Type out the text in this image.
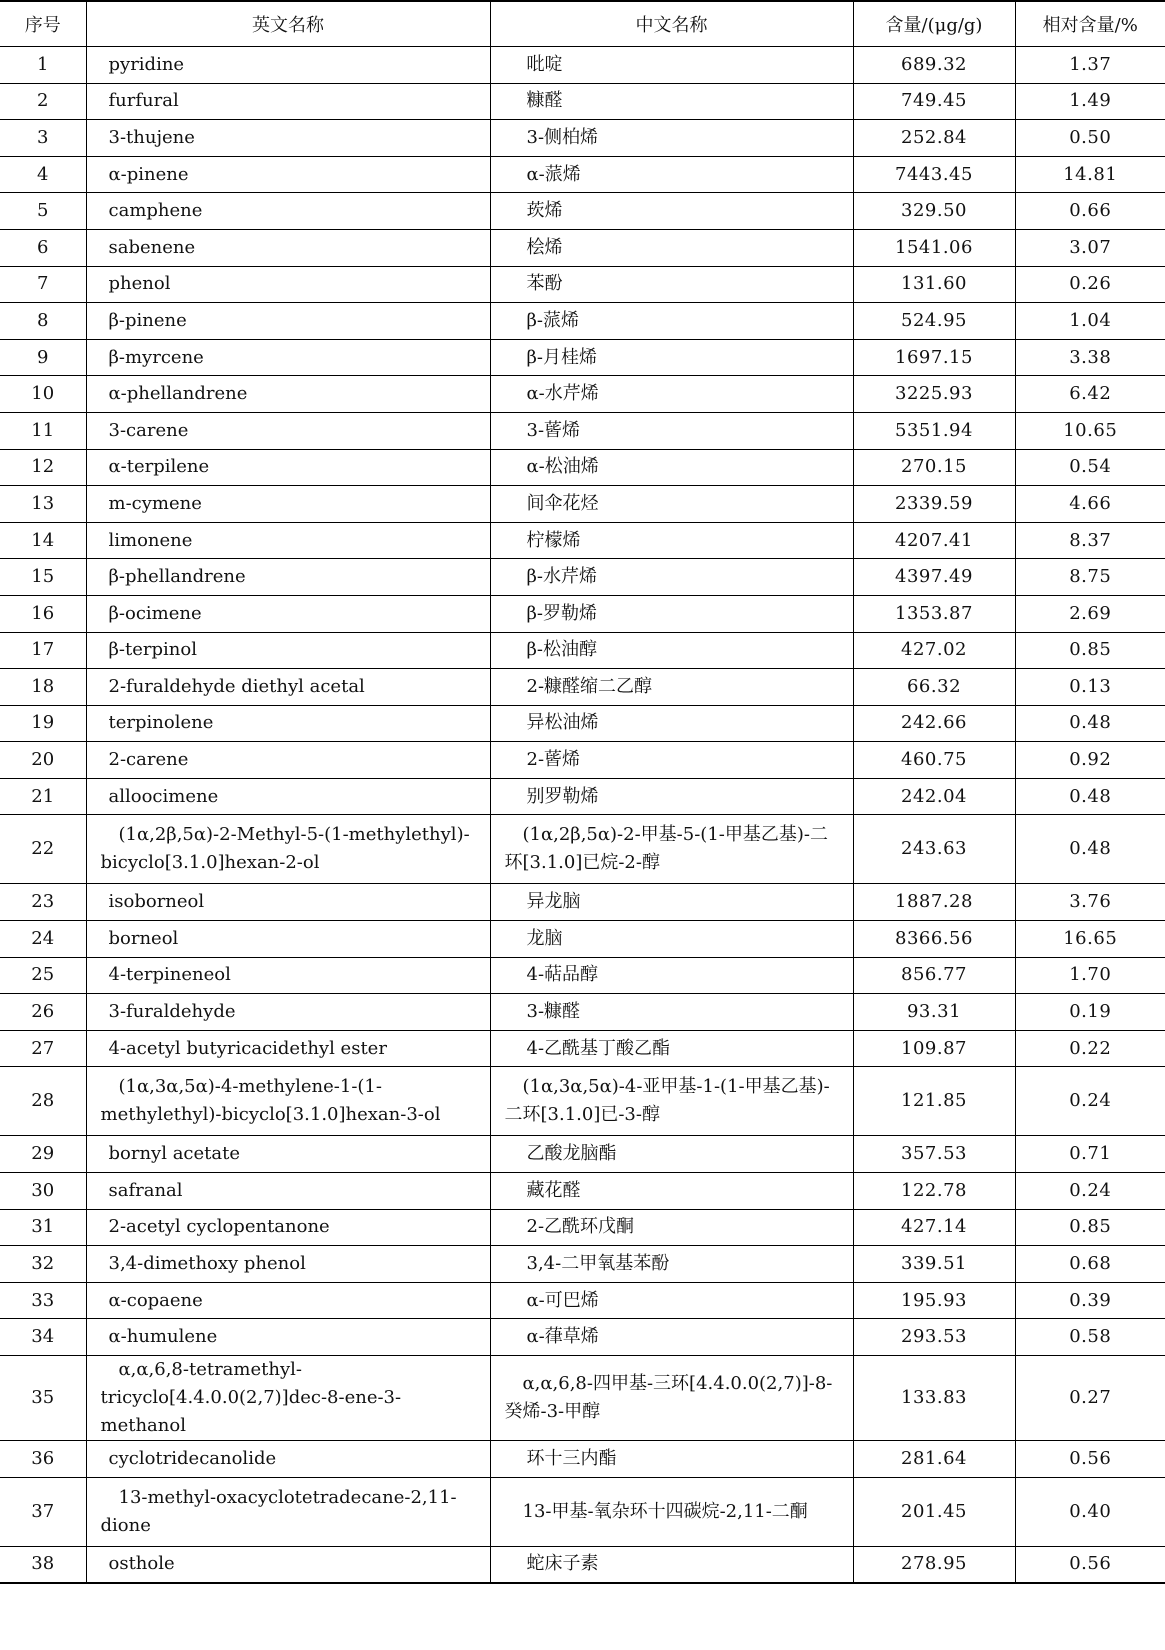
序号	英文名称	中文名称	含量/(μg/g)	相对含量/%
1	pyridine	吡啶	689.32	1.37
2	furfural	糠醛	749.45	1.49
3	3-thujene	3-侧柏烯	252.84	0.50
4	α-pinene	α-蒎烯	7443.45	14.81
5	camphene	莰烯	329.50	0.66
6	sabenene	桧烯	1541.06	3.07
7	phenol	苯酚	131.60	0.26
8	β-pinene	β-蒎烯	524.95	1.04
9	β-myrcene	β-月桂烯	1697.15	3.38
10	α-phellandrene	α-水芹烯	3225.93	6.42
11	3-carene	3-蒈烯	5351.94	10.65
12	α-terpilene	α-松油烯	270.15	0.54
13	m-cymene	间伞花烃	2339.59	4.66
14	limonene	柠檬烯	4207.41	8.37
15	β-phellandrene	β-水芹烯	4397.49	8.75
16	β-ocimene	β-罗勒烯	1353.87	2.69
17	β-terpinol	β-松油醇	427.02	0.85
18	2-furaldehyde diethyl acetal	2-糠醛缩二乙醇	66.32	0.13
19	terpinolene	异松油烯	242.66	0.48
20	2-carene	2-蒈烯	460.75	0.92
21	alloocimene	别罗勒烯	242.04	0.48
22	(1α,2β,5α)-2-Methyl-5-(1-methylethyl)-bicyclo[3.1.0]hexan-2-ol	(1α,2β,5α)-2-甲基-5-(1-甲基乙基)-二环[3.1.0]已烷-2-醇	243.63	0.48
23	isoborneol	异龙脑	1887.28	3.76
24	borneol	龙脑	8366.56	16.65
25	4-terpineneol	4-萜品醇	856.77	1.70
26	3-furaldehyde	3-糠醛	93.31	0.19
27	4-acetyl butyricacidethyl ester	4-乙酰基丁酸乙酯	109.87	0.22
28	(1α,3α,5α)-4-methylene-1-(1-methylethyl)-bicyclo[3.1.0]hexan-3-ol	(1α,3α,5α)-4-亚甲基-1-(1-甲基乙基)-二环[3.1.0]已-3-醇	121.85	0.24
29	bornyl acetate	乙酸龙脑酯	357.53	0.71
30	safranal	藏花醛	122.78	0.24
31	2-acetyl cyclopentanone	2-乙酰环戊酮	427.14	0.85
32	3,4-dimethoxy phenol	3,4-二甲氧基苯酚	339.51	0.68
33	α-copaene	α-可巴烯	195.93	0.39
34	α-humulene	α-葎草烯	293.53	0.58
35	α,α,6,8-tetramethyl-tricyclo[4.4.0.0(2,7)]dec-8-ene-3-methanol	α,α,6,8-四甲基-三环[4.4.0.0(2,7)]-8-癸烯-3-甲醇	133.83	0.27
36	cyclotridecanolide	环十三内酯	281.64	0.56
37	13-methyl-oxacyclotetradecane-2,11-dione	13-甲基-氧杂环十四碳烷-2,11-二酮	201.45	0.40
38	osthole	蛇床子素	278.95	0.56
